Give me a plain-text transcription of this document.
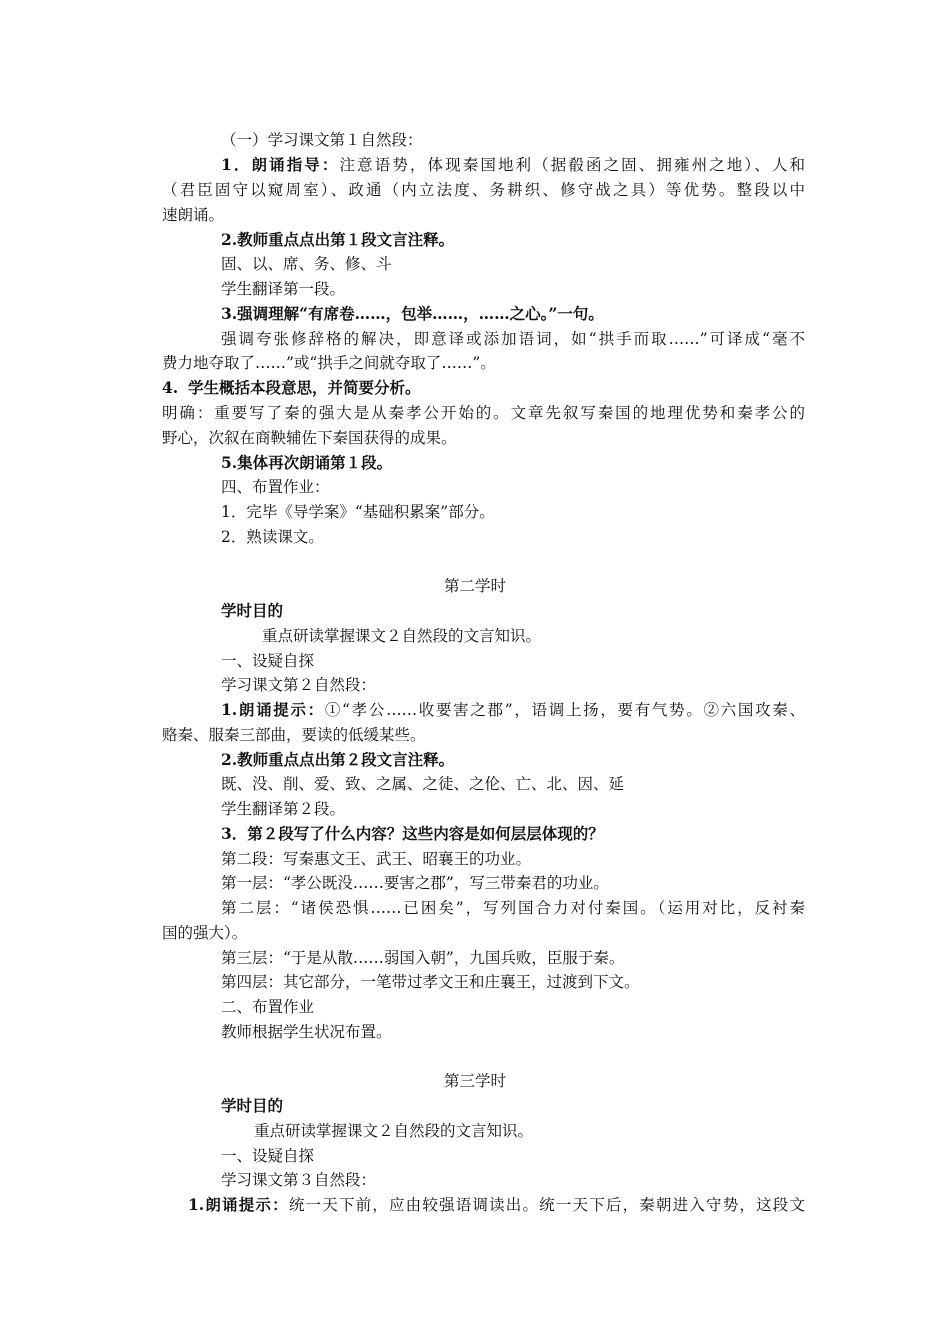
（一）学习课文第１自然段：
1．朗诵指导：注意语势，体现秦国地利（据殽函之固、拥雍州之地）、人和
（君臣固守以窥周室）、政通（内立法度、务耕织、修守战之具）等优势。整段以中
速朗诵。
2.教师重点点出第１段文言注释。
固、以、席、务、修、斗
学生翻译第一段。
3.强调理解“有席卷……，包举……，……之心。”一句。
强调夸张修辞格的解决，即意译或添加语词，如“拱手而取……”可译成“毫不
费力地夺取了……”或“拱手之间就夺取了……”。
4. 学生概括本段意思，并简要分析。
明确：重要写了秦的强大是从秦孝公开始的。文章先叙写秦国的地理优势和秦孝公的
野心，次叙在商鞅辅佐下秦国获得的成果。
5.集体再次朗诵第１段。
四、布置作业：
1．完毕《导学案》“基础积累案”部分。
2．熟读课文。
第二学时
学时目的
重点研读掌握课文２自然段的文言知识。
一、设疑自探
学习课文第２自然段：
1.朗诵提示：①“孝公……收要害之郡”，语调上扬，要有气势。②六国攻秦、
赂秦、服秦三部曲，要读的低缓某些。
2.教师重点点出第２段文言注释。
既、没、削、爱、致、之属、之徒、之伦、亡、北、因、延
学生翻译第２段。
3．第２段写了什么内容？这些内容是如何层层体现的？
第二段：写秦惠文王、武王、昭襄王的功业。
第一层：“孝公既没……要害之郡”，写三带秦君的功业。
第二层：“诸侯恐惧……已困矣”，写列国合力对付秦国。（运用对比，反衬秦
国的强大）。
第三层：“于是从散……弱国入朝”，九国兵败，臣服于秦。
第四层：其它部分，一笔带过孝文王和庄襄王，过渡到下文。
二、布置作业
教师根据学生状况布置。
第三学时
学时目的
重点研读掌握课文２自然段的文言知识。
一、设疑自探
学习课文第３自然段：
1.朗诵提示：统一天下前，应由较强语调读出。统一天下后，秦朝进入守势，这段文
